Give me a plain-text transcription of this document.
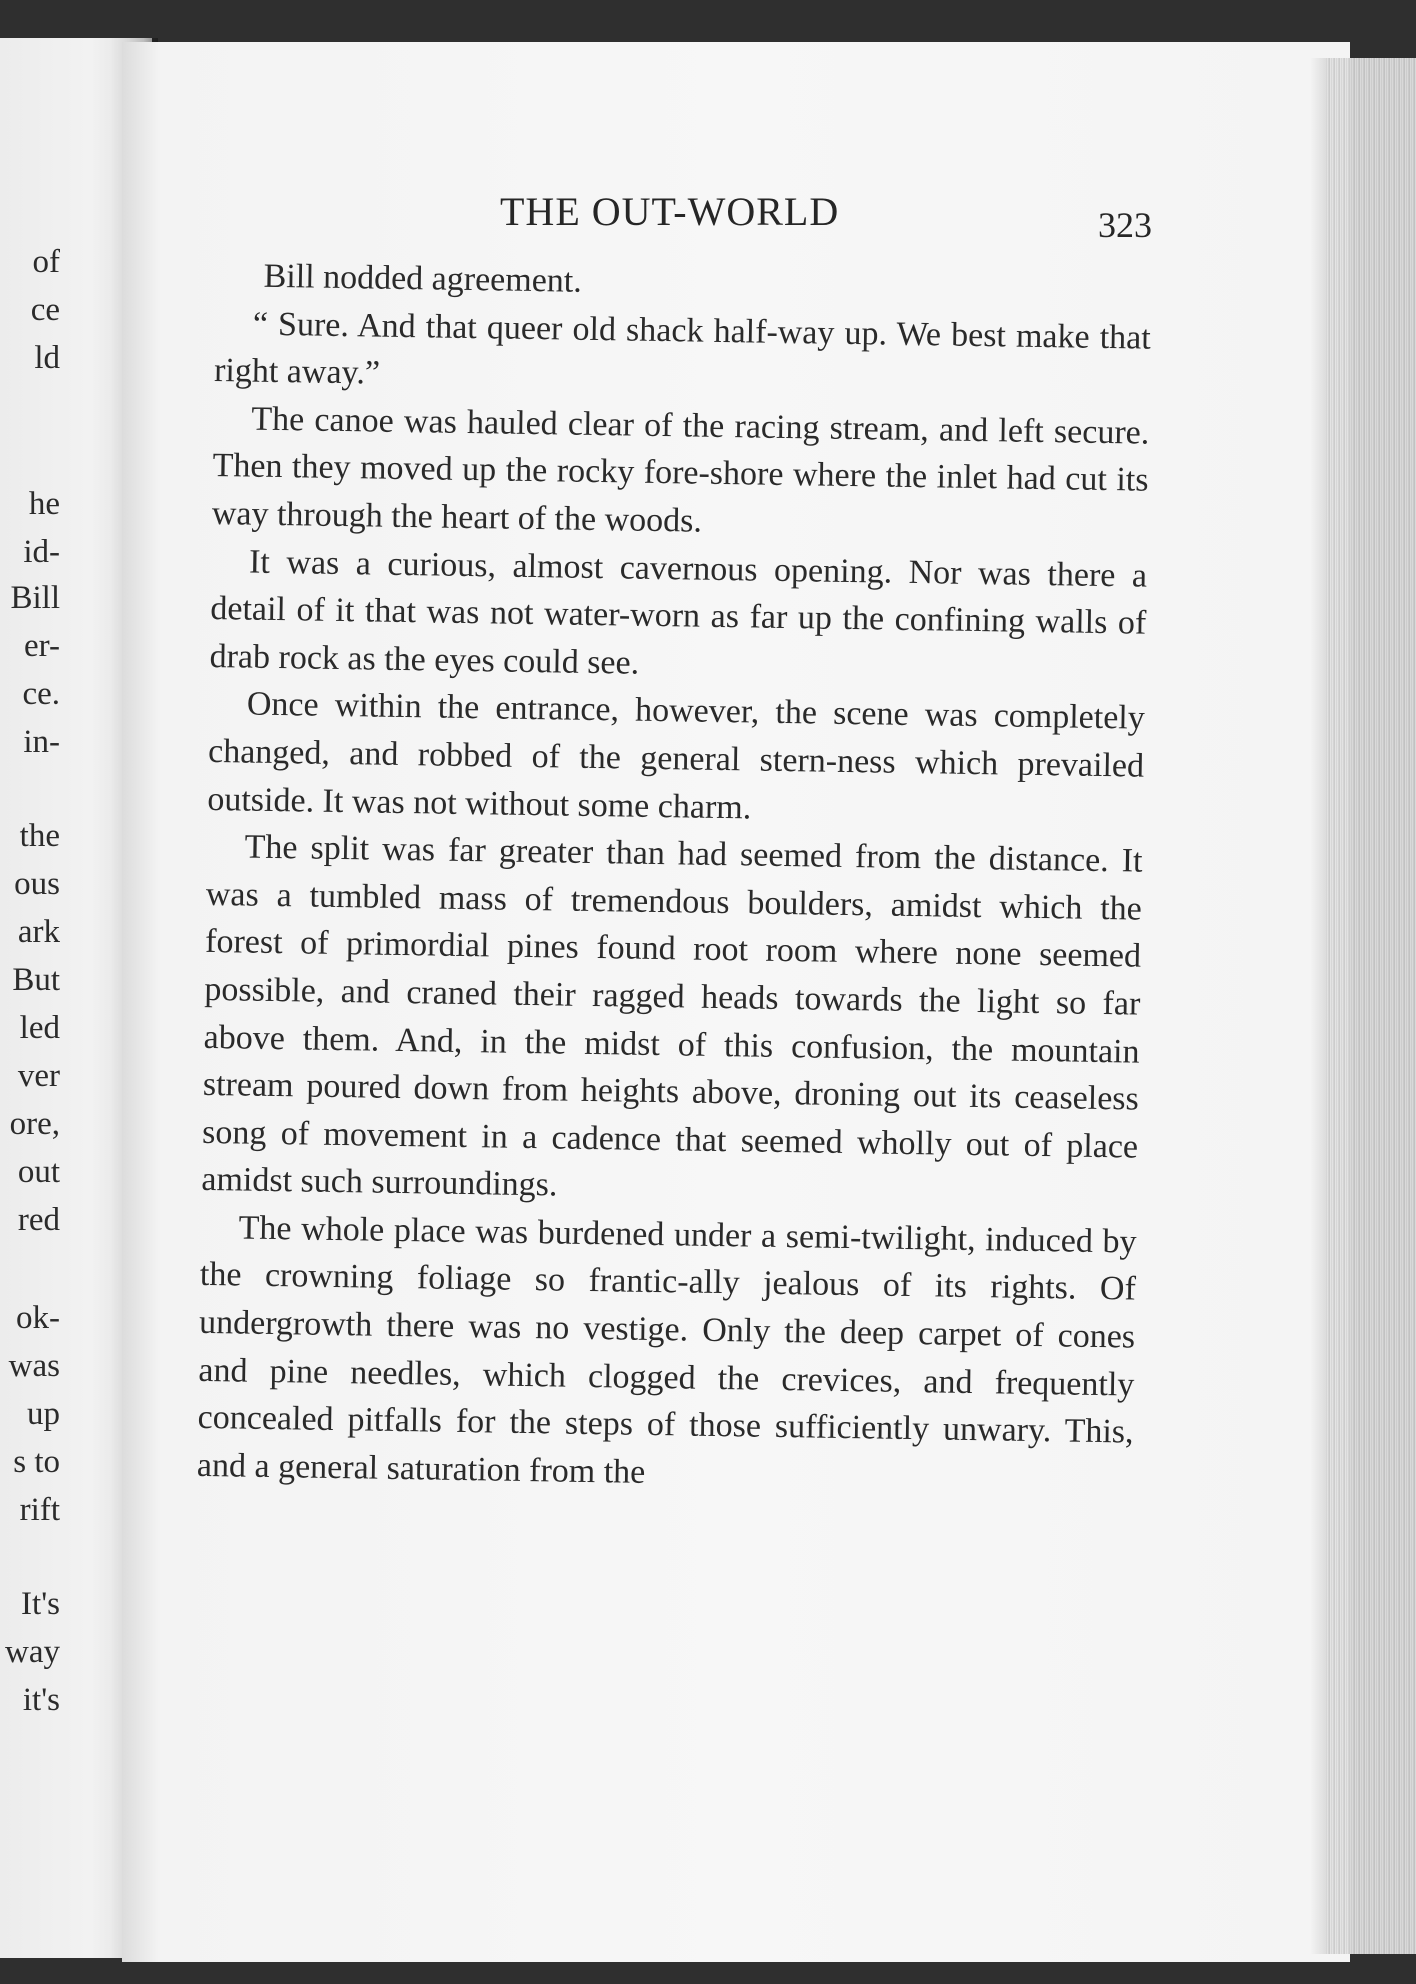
of
ce
ld
he
id-
Bill
er-
ce.
in-
the
ous
ark
But
led
ver
ore,
out
red
ok-
was
up
s to
rift
It's
way
it's
THE OUT-WORLD	323

Bill nodded agreement.

“ Sure. And that queer old shack half-way up. We best make that right away.”

The canoe was hauled clear of the racing stream, and left secure. Then they moved up the rocky fore-shore where the inlet had cut its way through the heart of the woods.

It was a curious, almost cavernous opening. Nor was there a detail of it that was not water-worn as far up the confining walls of drab rock as the eyes could see.

Once within the entrance, however, the scene was completely changed, and robbed of the general stern-ness which prevailed outside. It was not without some charm.

The split was far greater than had seemed from the distance. It was a tumbled mass of tremendous boulders, amidst which the forest of primordial pines found root room where none seemed possible, and craned their ragged heads towards the light so far above them. And, in the midst of this confusion, the mountain stream poured down from heights above, droning out its ceaseless song of movement in a cadence that seemed wholly out of place amidst such surroundings.

The whole place was burdened under a semi-twilight, induced by the crowning foliage so frantic-ally jealous of its rights. Of undergrowth there was no vestige. Only the deep carpet of cones and pine needles, which clogged the crevices, and frequently concealed pitfalls for the steps of those sufficiently unwary. This, and a general saturation from the
